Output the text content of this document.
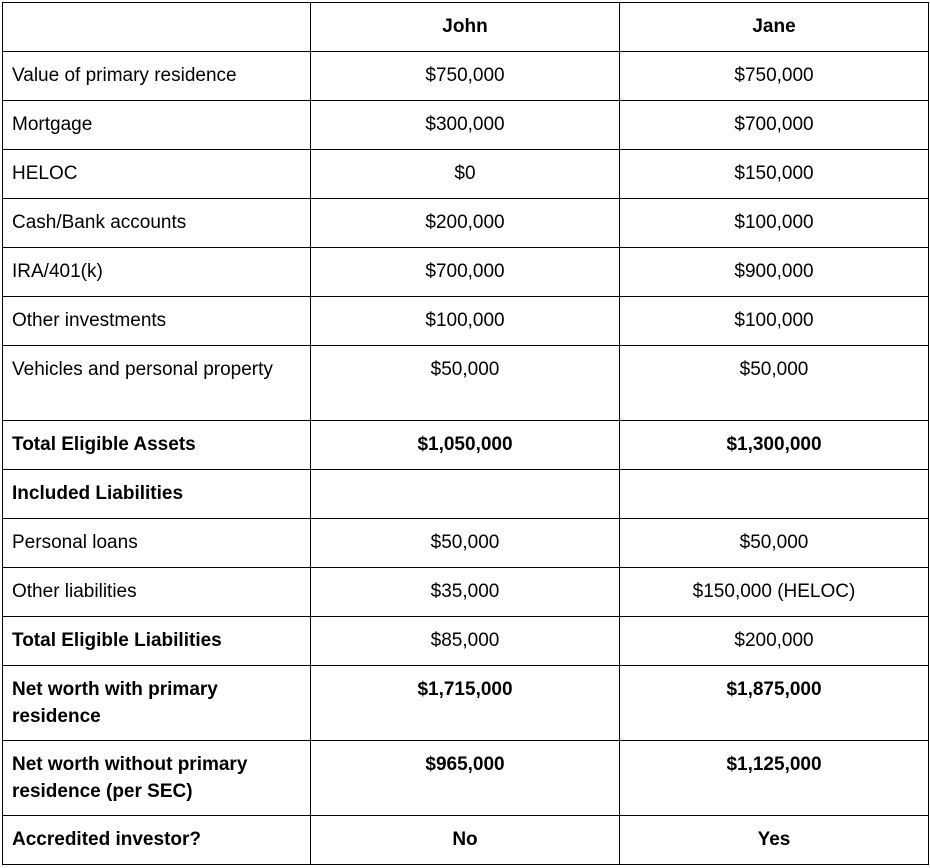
	John	Jane
Value of primary residence	$750,000	$750,000
Mortgage	$300,000	$700,000
HELOC	$0	$150,000
Cash/Bank accounts	$200,000	$100,000
IRA/401(k)	$700,000	$900,000
Other investments	$100,000	$100,000
Vehicles and personal property	$50,000	$50,000
Total Eligible Assets	$1,050,000	$1,300,000
Included Liabilities		
Personal loans	$50,000	$50,000
Other liabilities	$35,000	$150,000 (HELOC)
Total Eligible Liabilities	$85,000	$200,000
Net worth with primary residence	$1,715,000	$1,875,000
Net worth without primary residence (per SEC)	$965,000	$1,125,000
Accredited investor?	No	Yes
